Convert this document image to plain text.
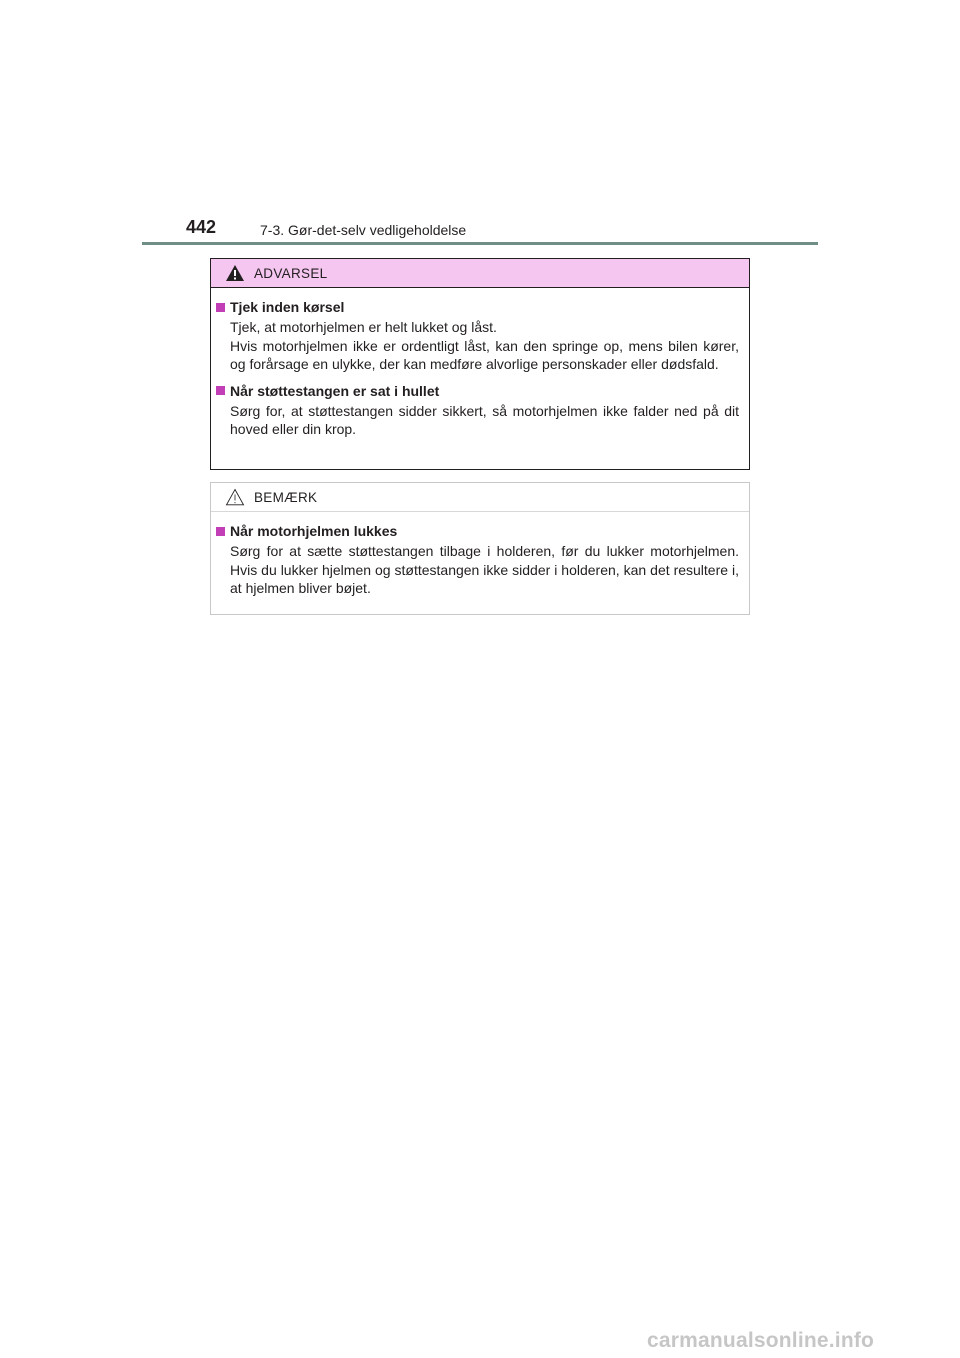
442	7-3. Gør-det-selv vedligeholdelse
ADVARSEL
Tjek inden kørsel

Tjek, at motorhjelmen er helt lukket og låst.

Hvis motorhjelmen ikke er ordentligt låst, kan den springe op, mens bilen kører, og forårsage en ulykke, der kan medføre alvorlige personskader eller dødsfald.

Når støttestangen er sat i hullet

Sørg for, at støttestangen sidder sikkert, så motorhjelmen ikke falder ned på dit hoved eller din krop.

BEMÆRK
Når motorhjelmen lukkes

Sørg for at sætte støttestangen tilbage i holderen, før du lukker motorhjelmen. Hvis du lukker hjelmen og støttestangen ikke sidder i holderen, kan det resultere i, at hjelmen bliver bøjet.

carmanualsonline.info
